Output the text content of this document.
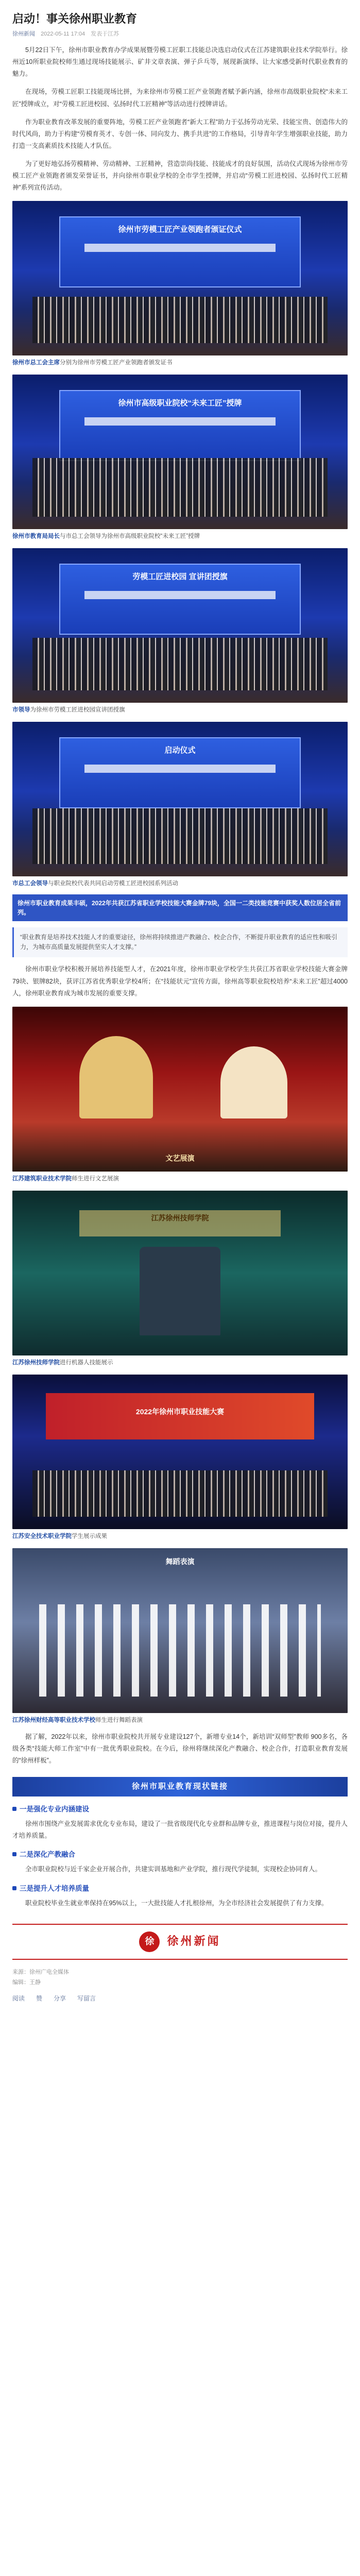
启动！事关徐州职业教育
徐州新闻 2022-05-11 17:04 发表于江苏

5月22日下午，徐州市职业教育办学成果展暨劳模工匠职工技能总决选启动仪式在江苏建筑职业技术学院举行。徐州近10所职业院校师生通过现场技能展示、矿井文章表演、弹子乒乓等，展现新演绎、让大家感受新时代职业教育的魅力。

在现场，劳模工匠职工技能现场比拼，为来徐州市劳模工匠产业领跑者赋予新内涵，徐州市高级职业院校“未来工匠”授牌成立，对“劳模工匠进校园、弘扬时代工匠精神”等活动进行授牌讲话。

作为职业教育改革发展的重要阵地，劳模工匠产业领跑者“新大工程”助力于弘扬劳动光荣、技能宝贵、创造伟大的时代风尚，助力于构建“劳模育英才、专创一体、同向发力、携手共进”的工作格局，引导青年学生增强职业技能，助力打造一支高素质技术技能人才队伍。

为了更好地弘扬劳模精神、劳动精神、工匠精神，营造崇尚技能、技能成才的良好氛围，活动仪式现场为徐州市劳模工匠产业领跑者颁发荣誉证书，并向徐州市职业学校的全市学生授牌，并启动“劳模工匠进校园、弘扬时代工匠精神”系列宣传活动。

徐州市劳模工匠产业领跑者颁证仪式
徐州市总工会主席分别为徐州市劳模工匠产业领跑者颁发证书
徐州市高级职业院校“未来工匠”授牌
徐州市教育局局长与市总工会领导为徐州市高级职业院校“未来工匠”授牌
劳模工匠进校园 宣讲团授旗
市领导为徐州市劳模工匠进校园宣讲团授旗
启动仪式
市总工会领导与职业院校代表共同启动劳模工匠进校园系列活动
徐州市职业教育成果丰硕，2022年共获江苏省职业学校技能大赛金牌79块，全国一二类技能竞赛中获奖人数位居全省前列。
“职业教育是培养技术技能人才的重要途径，徐州将持续推进产教融合、校企合作，不断提升职业教育的适应性和吸引力，为城市高质量发展提供坚实人才支撑。”

徐州市职业学校积极开展培养技能型人才，在2021年度，徐州市职业学校学生共获江苏省职业学校技能大赛金牌79块、银牌82块，获评江苏省优秀职业学校4所；在“技能状元”宣传方面，徐州高等职业院校培养“未来工匠”超过4000人，徐州职业教育成为城市发展的重要支撑。

文艺展演
江苏建筑职业技术学院师生进行文艺展演
江苏徐州技师学院
江苏徐州技师学院进行机器人技能展示
2022年徐州市职业技能大赛
江苏安全技术职业学院学生展示成果
舞蹈表演
江苏徐州财经高等职业技术学校师生进行舞蹈表演

据了解，2022年以来，徐州市职业院校共开展专业建设127个，新增专业14个，新培训“双师型”教师 900多名，各级各类“技能大师工作室”中有一批优秀职业院校。在今后，徐州将继续深化产教融合、校企合作，打造职业教育发展的“徐州样板”。

徐州市职业教育现状链接
一是强化专业内涵建设

徐州市围绕产业发展需求优化专业布局，建设了一批省级现代化专业群和品牌专业，推进课程与岗位对接，提升人才培养质量。

二是深化产教融合

全市职业院校与近千家企业开展合作，共建实训基地和产业学院，推行现代学徒制，实现校企协同育人。

三是提升人才培养质量

职业院校毕业生就业率保持在95%以上，一大批技能人才扎根徐州，为全市经济社会发展提供了有力支撑。

徐	徐州新闻
来源：徐州广电全媒体
编辑：王静
阅读 赞 分享 写留言
